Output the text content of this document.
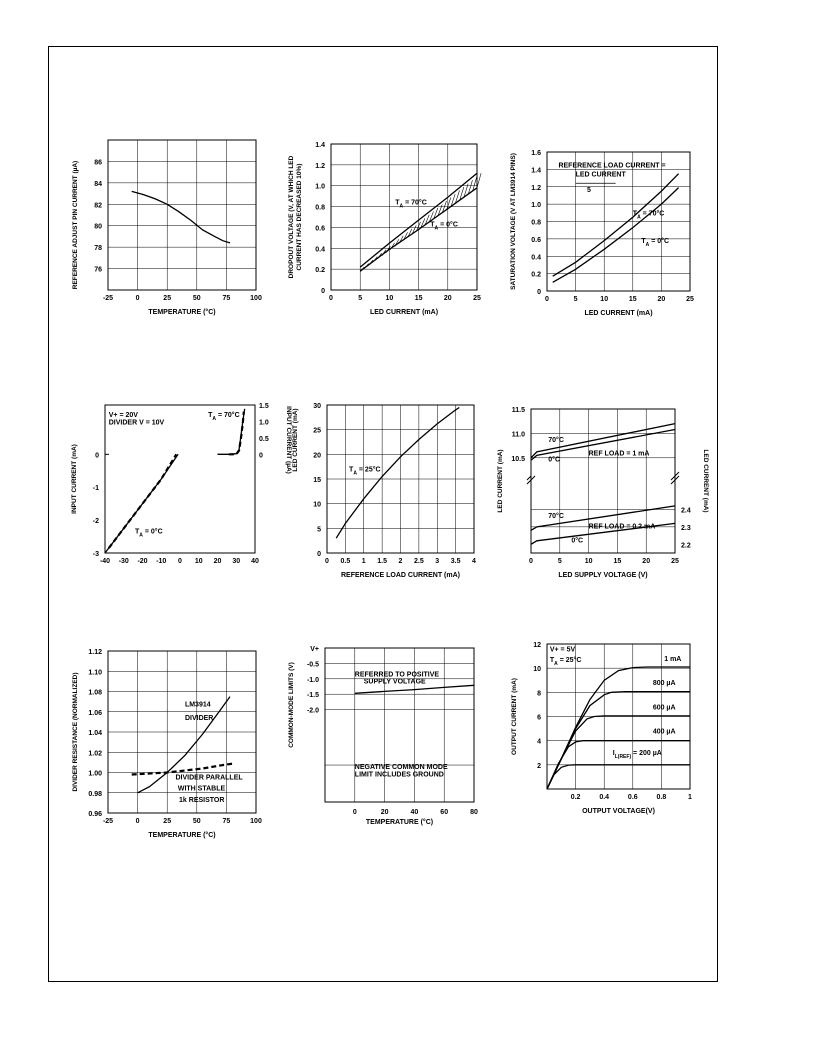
-25	0	25	50	75	100
76
78
80
82
84
86
TEMPERATURE (°C)
REFERENCE ADJUST PIN CURRENT (µA)
0	5	10	15	20	25
0
0.2
0.4
0.6
0.8
1.0
1.2
1.4
$T_A = 70^\circ C$
$T_A = 0^\circ C$
LED CURRENT (mA)
DROPOUT VOLTAGE (V, AT WHICH LED CURRENT HAS DECREASED 10%)
0	5	10	15	20	25
0
0.2
0.4
0.6
0.8
1.0
1.2
1.4
1.6
REFERENCE LOAD CURRENT =
LED CURRENT
5
$T_A = 70^\circ C$
$T_A = 0^\circ C$
LED CURRENT (mA)
SATURATION VOLTAGE (V AT LM3914 PINS)
-40 -30 -20 -10 0 10 20 30 40
-3
-2
-1
0	0
0.5
1.0
1.5
V+ = 20V
DIVIDER V = 10V
$T_A = 70^\circ C$
$T_A = 0^\circ C$
INPUT CURRENT (mA)
INPUT CURRENT (µA)
0 0.5 1 1.5 2 2.5 3 3.5 4
0
5
10
15
20
25
30
$T_A = 25^\circ C$
REFERENCE LOAD CURRENT (mA)
LED CURRENT (mA)
0	5	10	15	20	25
10.5
11.0
11.5
2.2
2.3
2.4
70°C
0°C
REF LOAD = 1 mA
70°C
REF LOAD = 0.2 mA
0°C
LED SUPPLY VOLTAGE (V)
LED CURRENT (mA)	LED CURRENT (mA)
-25	0	25	50	75	100
0.96
0.98
1.00
1.02
1.04
1.06
1.08
1.10
1.12
LM3914
DIVIDER
DIVIDER PARALLEL
WITH STABLE
1k RESISTOR
TEMPERATURE (°C)
DIVIDER RESISTANCE (NORMALIZED)
0	20	40	60	80
V+
-0.5
-1.0
-1.5
-2.0
REFERRED TO POSITIVE
SUPPLY VOLTAGE
NEGATIVE COMMON MODE
LIMIT INCLUDES GROUND
TEMPERATURE (°C)
COMMON-MODE LIMITS (V)
0.2	0.4	0.6	0.8	1
2
4
6
8
10
12
V+ = 5V
$T_A = 25^\circ C$	1 mA
800 µA
600 µA
400 µA
$I_{L(REF)} = 200$ µA
OUTPUT VOLTAGE(V)
OUTPUT CURRENT (mA)
